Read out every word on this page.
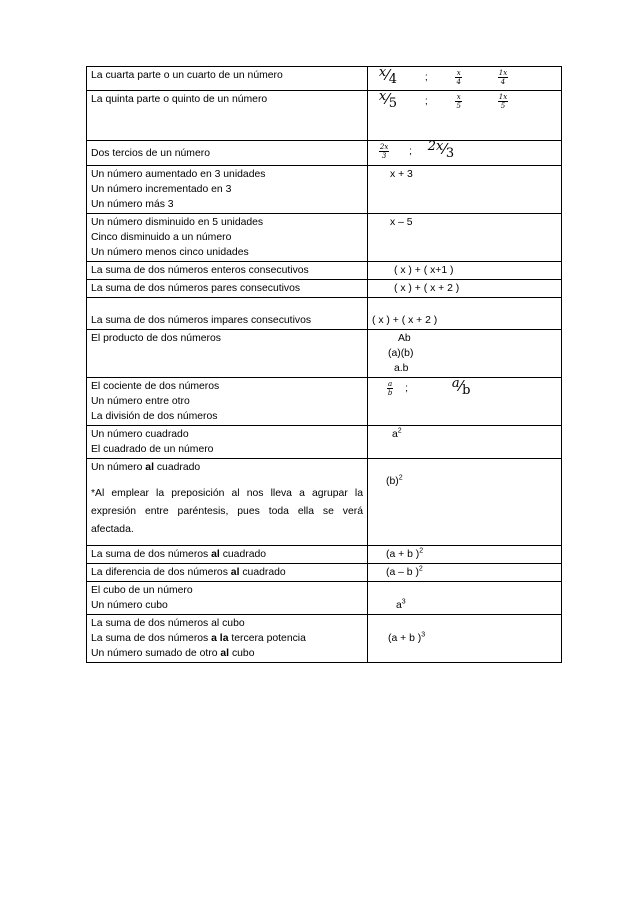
La cuarta parte o un cuarto de un número	x⁄4 ; $\frac{x}{4}$
$\frac{1x}{4}$

La quinta parte o quinto de un número	x⁄5 ; $\frac{x}{5}$
$\frac{1x}{5}$

Dos tercios de un número	$\frac{2x}{3}$ ; 2x⁄3

Un número aumentado en 3 unidades
Un número incrementado en 3
Un número más 3	x + 3

Un número disminuido en 5 unidades
Cinco disminuido a un número
Un número menos cinco unidades	x – 5

La suma de dos números enteros consecutivos	( x ) + ( x+1 )

La suma de dos números pares consecutivos	( x ) + ( x + 2 )

La suma de dos números impares consecutivos	( x ) + ( x + 2 )

El producto de dos números	Ab
(a)(b)
a.b

El cociente de dos números
Un número entre otro
La división de dos números	$\frac{a}{b}$ ; a⁄b

Un número cuadrado
El cuadrado de un número	$a^2$

Un número al cuadrado
*Al emplear la preposición al nos lleva a agrupar la expresión entre paréntesis, pues toda ella se verá afectada.	$(b)^2$

La suma de dos números al cuadrado	(a + b )$^2$

La diferencia de dos números al cuadrado	(a – b )$^2$

El cubo de un número
Un número cubo	$a^3$

La suma de dos números al cubo
La suma de dos números a la tercera potencia
Un número sumado de otro al cubo	(a + b )$^3$
